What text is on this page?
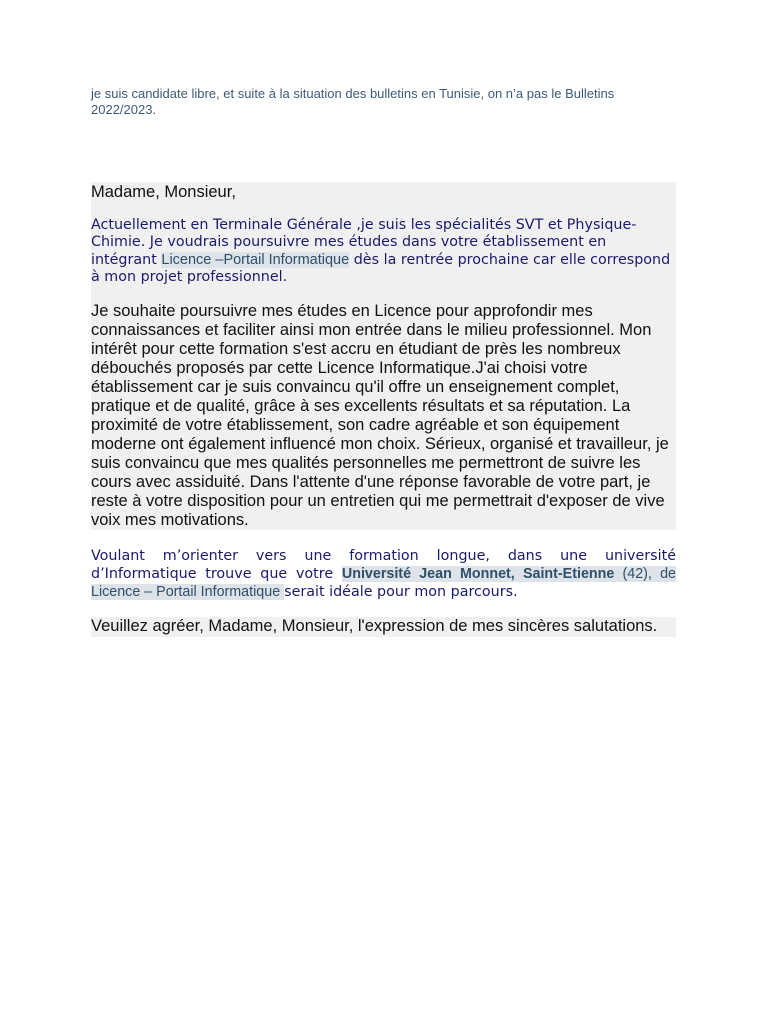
je suis candidate libre, et suite à la situation des bulletins en Tunisie, on n’a pas le Bulletins 2022/2023.

Madame, Monsieur,

Actuellement en Terminale Générale ,je suis les spécialités SVT et Physique-Chimie. Je voudrais poursuivre mes études dans votre établissement en intégrant Licence –Portail Informatique dès la rentrée prochaine car elle correspond à mon projet professionnel.

Je souhaite poursuivre mes études en Licence pour approfondir mes connaissances et faciliter ainsi mon entrée dans le milieu professionnel. Mon intérêt pour cette formation s'est accru en étudiant de près les nombreux débouchés proposés par cette Licence Informatique.J'ai choisi votre établissement car je suis convaincu qu'il offre un enseignement complet, pratique et de qualité, grâce à ses excellents résultats et sa réputation. La proximité de votre établissement, son cadre agréable et son équipement moderne ont également influencé mon choix. Sérieux, organisé et travailleur, je suis convaincu que mes qualités personnelles me permettront de suivre les cours avec assiduité. Dans l'attente d'une réponse favorable de votre part, je reste à votre disposition pour un entretien qui me permettrait d'exposer de vive voix mes motivations.

Voulant m’orienter vers une formation longue, dans une université d’Informatique trouve que votre Université Jean Monnet, Saint-Etienne (42), de Licence – Portail Informatique serait idéale pour mon parcours.

Veuillez agréer, Madame, Monsieur, l'expression de mes sincères salutations.
